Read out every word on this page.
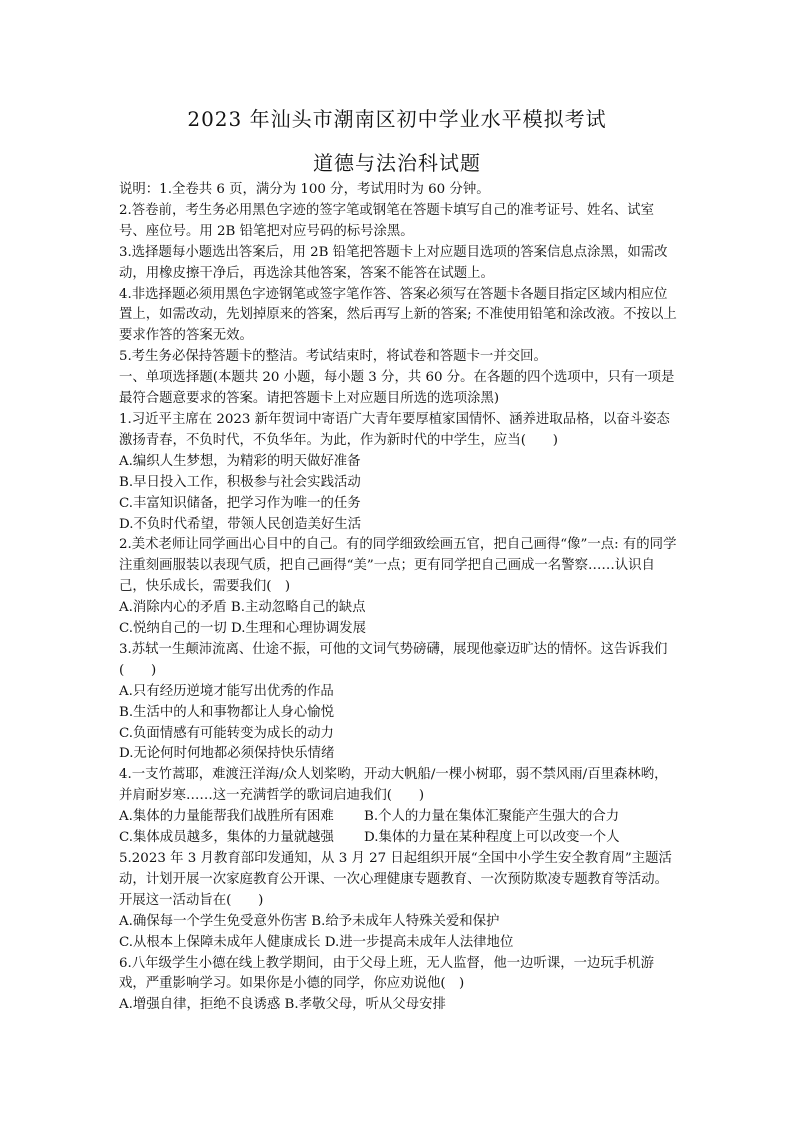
2023 年汕头市潮南区初中学业水平模拟考试
道德与法治科试题
说明：1.全卷共 6 页，满分为 100 分，考试用时为 60 分钟。
2.答卷前，考生务必用黑色字迹的签字笔或钢笔在答题卡填写自己的准考证号、姓名、试室号、座位号。用 2B 铅笔把对应号码的标号涂黑。
3.选择题每小题选出答案后，用 2B 铅笔把答题卡上对应题目选项的答案信息点涂黑，如需改动，用橡皮擦干净后，再选涂其他答案，答案不能答在试题上。
4.非选择题必须用黑色字迹钢笔或签字笔作答、答案必须写在答题卡各题目指定区域内相应位置上，如需改动，先划掉原来的答案，然后再写上新的答案; 不准使用铅笔和涂改液。不按以上要求作答的答案无效。
5.考生务必保持答题卡的整洁。考试结束时，将试卷和答题卡一并交回。
一、单项选择题(本题共 20 小题，每小题 3 分，共 60 分。在各题的四个选项中，只有一项是最符合题意要求的答案。请把答题卡上对应题目所选的选项涂黑)
1.习近平主席在 2023 新年贺词中寄语广大青年要厚植家国情怀、涵养进取品格，以奋斗姿态激扬青春，不负时代，不负华年。为此，作为新时代的中学生，应当(　　)
A.编织人生梦想，为精彩的明天做好准备
B.早日投入工作，积极参与社会实践活动
C.丰富知识储备，把学习作为唯一的任务
D.不负时代希望，带领人民创造美好生活
2.美术老师让同学画出心目中的自己。有的同学细致绘画五官，把自己画得“像”一点: 有的同学注重刻画服装以表现气质，把自己画得“美”一点；更有同学把自己画成一名警察……认识自己，快乐成长，需要我们(　)
A.消除内心的矛盾 B.主动忽略自己的缺点
C.悦纳自己的一切 D.生理和心理协调发展
3.苏轼一生颠沛流离、仕途不振，可他的文词气势磅礴，展现他豪迈旷达的情怀。这告诉我们(　　)
A.只有经历逆境才能写出优秀的作品
B.生活中的人和事物都让人身心愉悦
C.负面情感有可能转变为成长的动力
D.无论何时何地都必须保持快乐情绪
4.一支竹蒿耶，难渡汪洋海/众人划桨哟，开动大帆船/一棵小树耶，弱不禁风雨/百里森林哟，并肩耐岁寒……这一充满哲学的歌词启迪我们(　　)
A.集体的力量能帮我们战胜所有困难 B.个人的力量在集体汇聚能产生强大的合力
C.集体成员越多，集体的力量就越强 D.集体的力量在某种程度上可以改变一个人
5.2023 年 3 月教育部印发通知，从 3 月 27 日起组织开展“全国中小学生安全教育周”主题活动，计划开展一次家庭教育公开课、一次心理健康专题教育、一次预防欺凌专题教育等活动。开展这一活动旨在(　　)
A.确保每一个学生免受意外伤害 B.给予未成年人特殊关爱和保护
C.从根本上保障未成年人健康成长 D.进一步提高未成年人法律地位
6.八年级学生小德在线上教学期间，由于父母上班，无人监督，他一边听课，一边玩手机游戏，严重影响学习。如果你是小德的同学，你应劝说他(　)
A.增强自律，拒绝不良诱惑 B.孝敬父母，听从父母安排
